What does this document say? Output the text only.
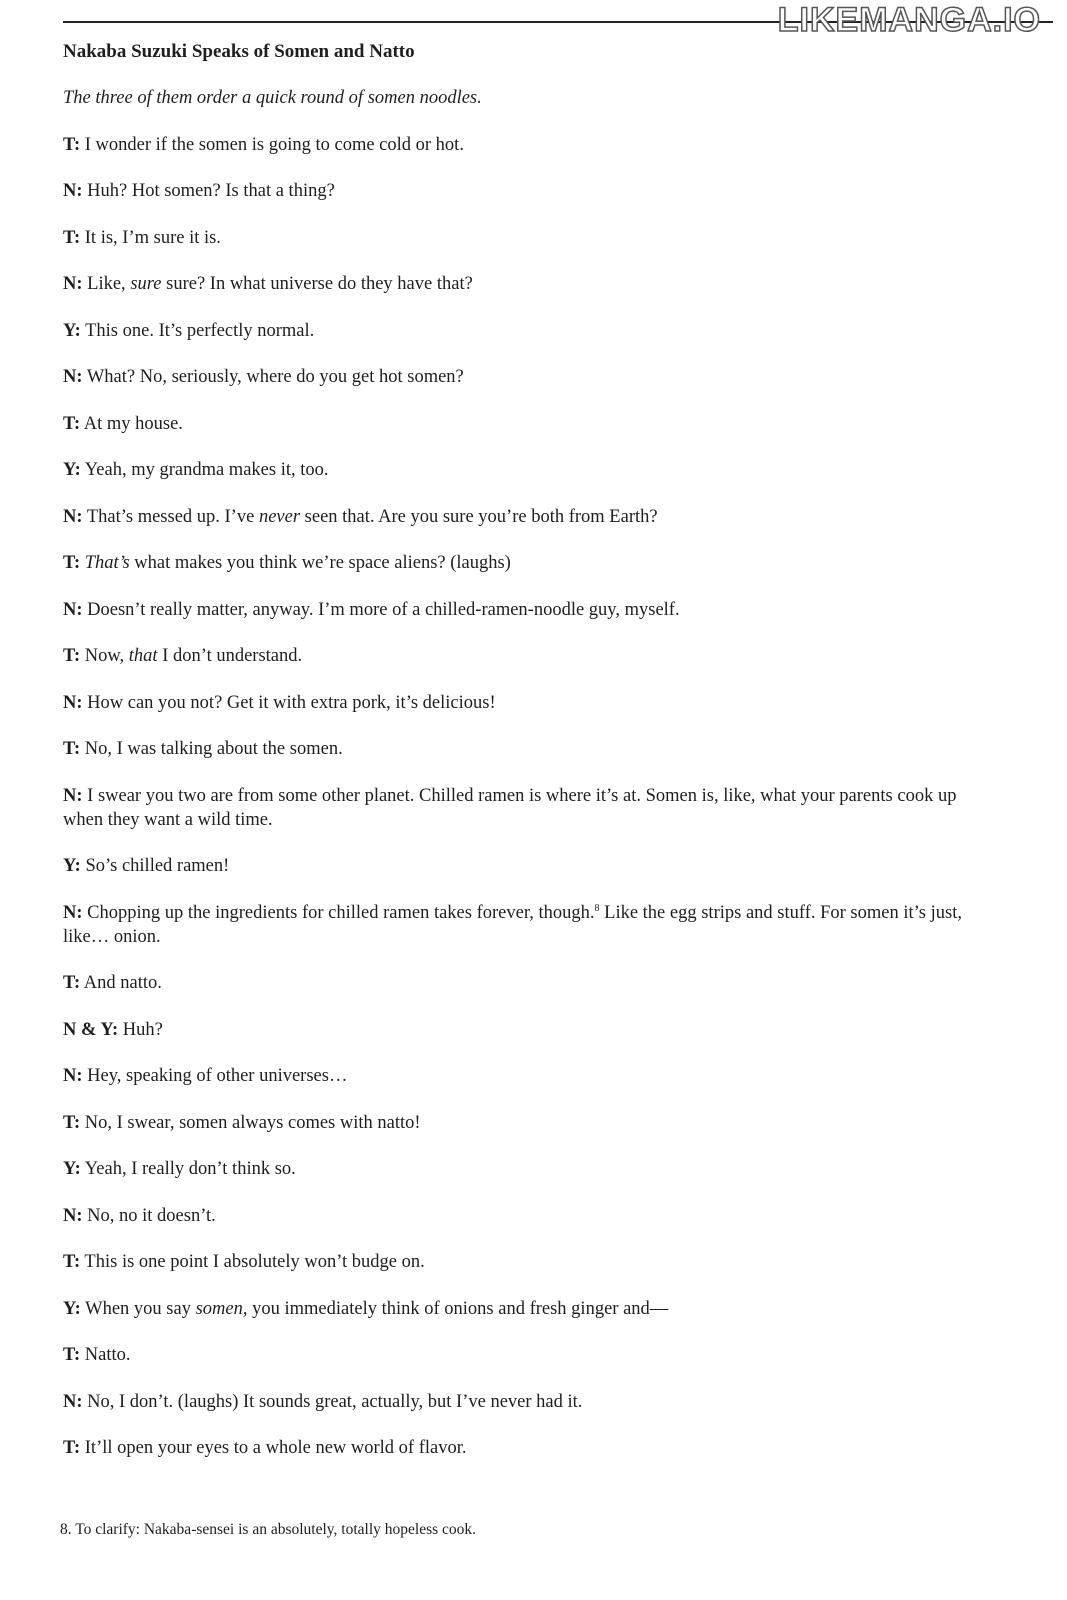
LIKEMANGA.IO
Nakaba Suzuki Speaks of Somen and Natto
The three of them order a quick round of somen noodles.
T: I wonder if the somen is going to come cold or hot.
N: Huh? Hot somen? Is that a thing?
T: It is, I’m sure it is.
N: Like, sure sure? In what universe do they have that?
Y: This one. It’s perfectly normal.
N: What? No, seriously, where do you get hot somen?
T: At my house.
Y: Yeah, my grandma makes it, too.
N: That’s messed up. I’ve never seen that. Are you sure you’re both from Earth?
T: That’s what makes you think we’re space aliens? (laughs)
N: Doesn’t really matter, anyway. I’m more of a chilled-ramen-noodle guy, myself.
T: Now, that I don’t understand.
N: How can you not? Get it with extra pork, it’s delicious!
T: No, I was talking about the somen.
N: I swear you two are from some other planet. Chilled ramen is where it’s at. Somen is, like, what your parents cook up when they want a wild time.
Y: So’s chilled ramen!
N: Chopping up the ingredients for chilled ramen takes forever, though.$^8$ Like the egg strips and stuff. For somen it’s just, like… onion.
T: And natto.
N & Y: Huh?
N: Hey, speaking of other universes…
T: No, I swear, somen always comes with natto!
Y: Yeah, I really don’t think so.
N: No, no it doesn’t.
T: This is one point I absolutely won’t budge on.
Y: When you say somen, you immediately think of onions and fresh ginger and—
T: Natto.
N: No, I don’t. (laughs) It sounds great, actually, but I’ve never had it.
T: It’ll open your eyes to a whole new world of flavor.
8. To clarify: Nakaba-sensei is an absolutely, totally hopeless cook.
